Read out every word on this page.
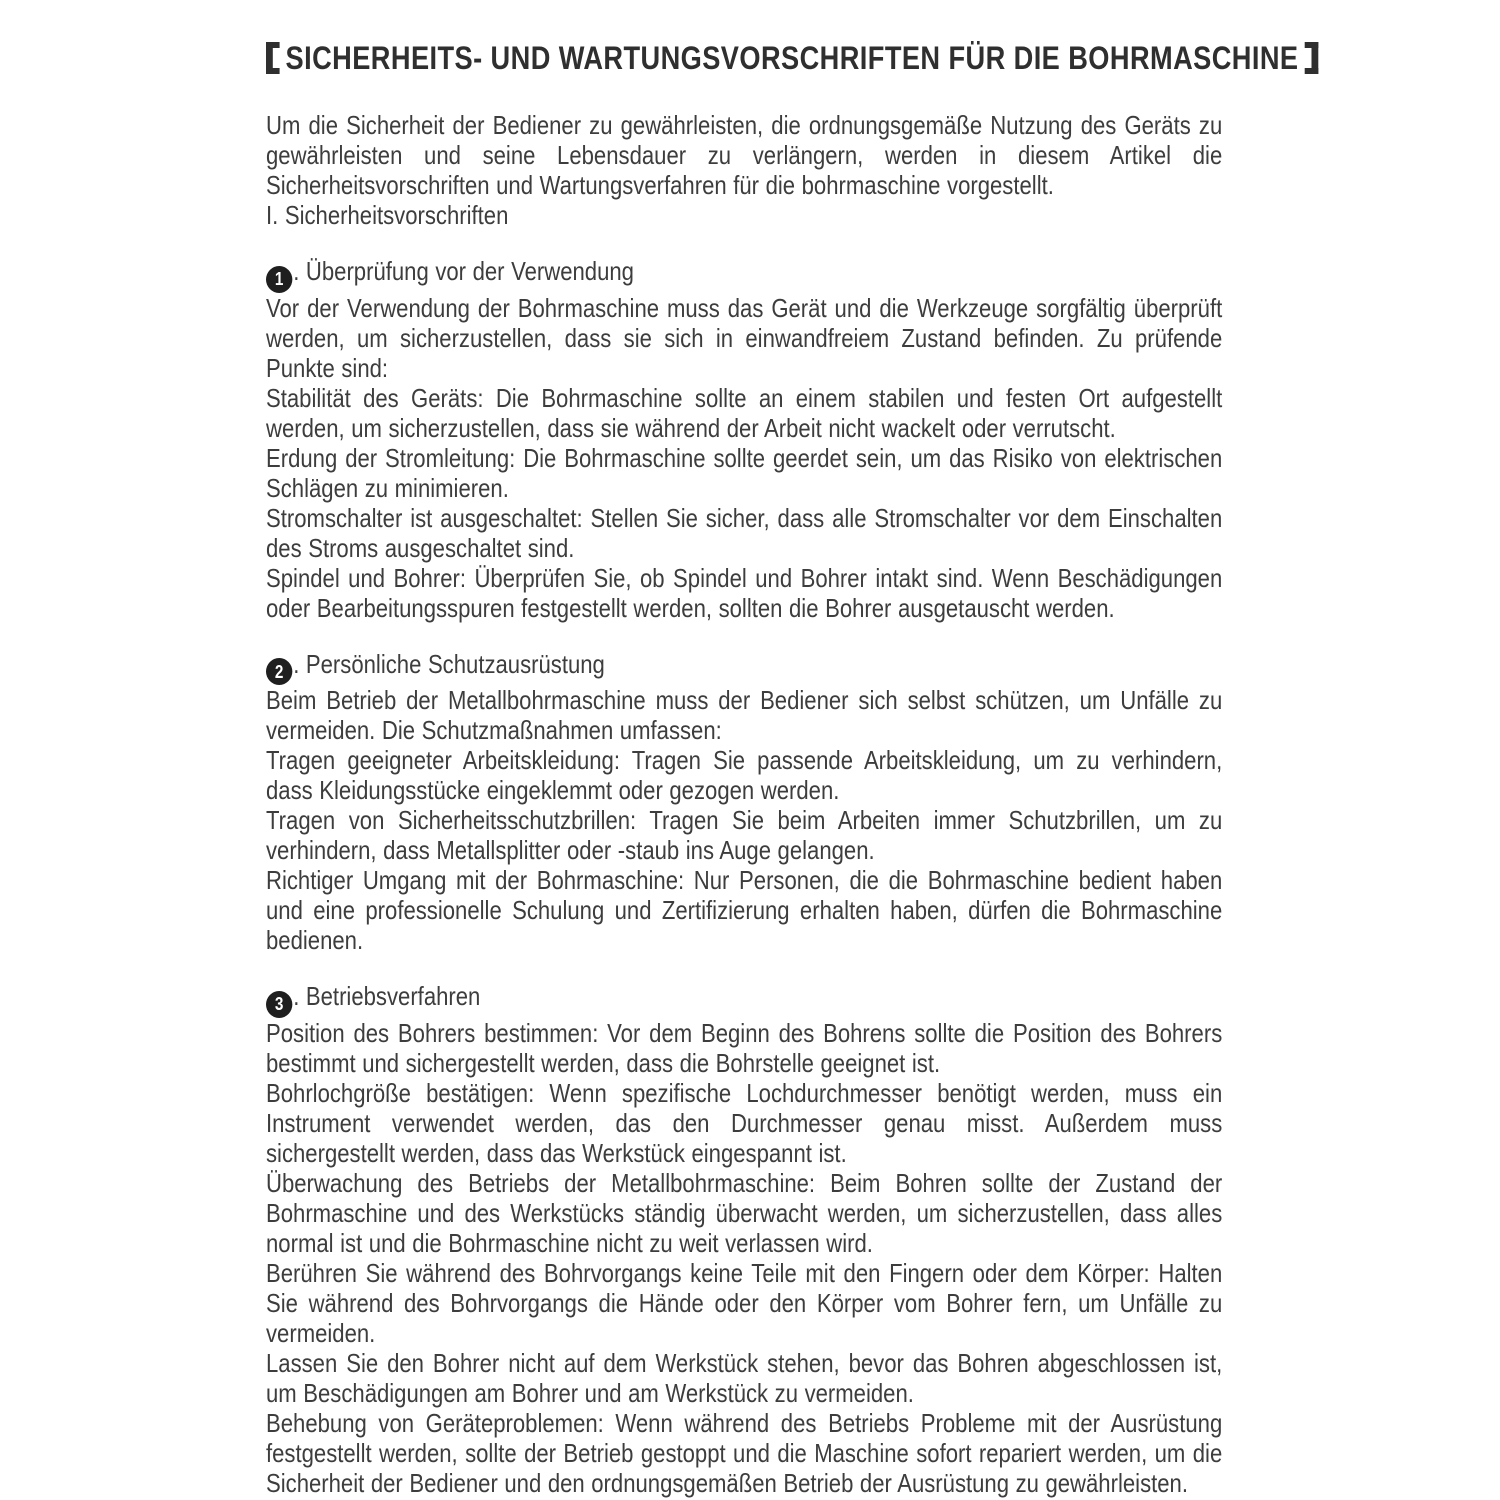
SICHERHEITS- UND WARTUNGSVORSCHRIFTEN FÜR DIE BOHRMASCHINE

Um die Sicherheit der Bediener zu gewährleisten, die ordnungsgemäße Nutzung des Geräts zu gewährleisten und seine Lebensdauer zu verlängern, werden in diesem Artikel die Sicherheitsvorschriften und Wartungsverfahren für die bohrmaschine vorgestellt.

I. Sicherheitsvorschriften

1 . Überprüfung vor der Verwendung

Vor der Verwendung der Bohrmaschine muss das Gerät und die Werkzeuge sorgfältig überprüft werden, um sicherzustellen, dass sie sich in einwandfreiem Zustand befinden. Zu prüfende Punkte sind:

Stabilität des Geräts: Die Bohrmaschine sollte an einem stabilen und festen Ort aufgestellt werden, um sicherzustellen, dass sie während der Arbeit nicht wackelt oder verrutscht.

Erdung der Stromleitung: Die Bohrmaschine sollte geerdet sein, um das Risiko von elektrischen Schlägen zu minimieren.

Stromschalter ist ausgeschaltet: Stellen Sie sicher, dass alle Stromschalter vor dem Einschalten des Stroms ausgeschaltet sind.

Spindel und Bohrer: Überprüfen Sie, ob Spindel und Bohrer intakt sind. Wenn Beschädigungen oder Bearbeitungsspuren festgestellt werden, sollten die Bohrer ausgetauscht werden.

2 . Persönliche Schutzausrüstung

Beim Betrieb der Metallbohrmaschine muss der Bediener sich selbst schützen, um Unfälle zu vermeiden. Die Schutzmaßnahmen umfassen:

Tragen geeigneter Arbeitskleidung: Tragen Sie passende Arbeitskleidung, um zu verhindern, dass Kleidungsstücke eingeklemmt oder gezogen werden.

Tragen von Sicherheitsschutzbrillen: Tragen Sie beim Arbeiten immer Schutzbrillen, um zu verhindern, dass Metallsplitter oder -staub ins Auge gelangen.

Richtiger Umgang mit der Bohrmaschine: Nur Personen, die die Bohrmaschine bedient haben und eine professionelle Schulung und Zertifizierung erhalten haben, dürfen die Bohrmaschine bedienen.

3 . Betriebsverfahren

Position des Bohrers bestimmen: Vor dem Beginn des Bohrens sollte die Position des Bohrers bestimmt und sichergestellt werden, dass die Bohrstelle geeignet ist.

Bohrlochgröße bestätigen: Wenn spezifische Lochdurchmesser benötigt werden, muss ein Instrument verwendet werden, das den Durchmesser genau misst. Außerdem muss sichergestellt werden, dass das Werkstück eingespannt ist.

Überwachung des Betriebs der Metallbohrmaschine: Beim Bohren sollte der Zustand der Bohrmaschine und des Werkstücks ständig überwacht werden, um sicherzustellen, dass alles normal ist und die Bohrmaschine nicht zu weit verlassen wird.

Berühren Sie während des Bohrvorgangs keine Teile mit den Fingern oder dem Körper: Halten Sie während des Bohrvorgangs die Hände oder den Körper vom Bohrer fern, um Unfälle zu vermeiden.

Lassen Sie den Bohrer nicht auf dem Werkstück stehen, bevor das Bohren abgeschlossen ist, um Beschädigungen am Bohrer und am Werkstück zu vermeiden.

Behebung von Geräteproblemen: Wenn während des Betriebs Probleme mit der Ausrüstung festgestellt werden, sollte der Betrieb gestoppt und die Maschine sofort repariert werden, um die Sicherheit der Bediener und den ordnungsgemäßen Betrieb der Ausrüstung zu gewährleisten.
